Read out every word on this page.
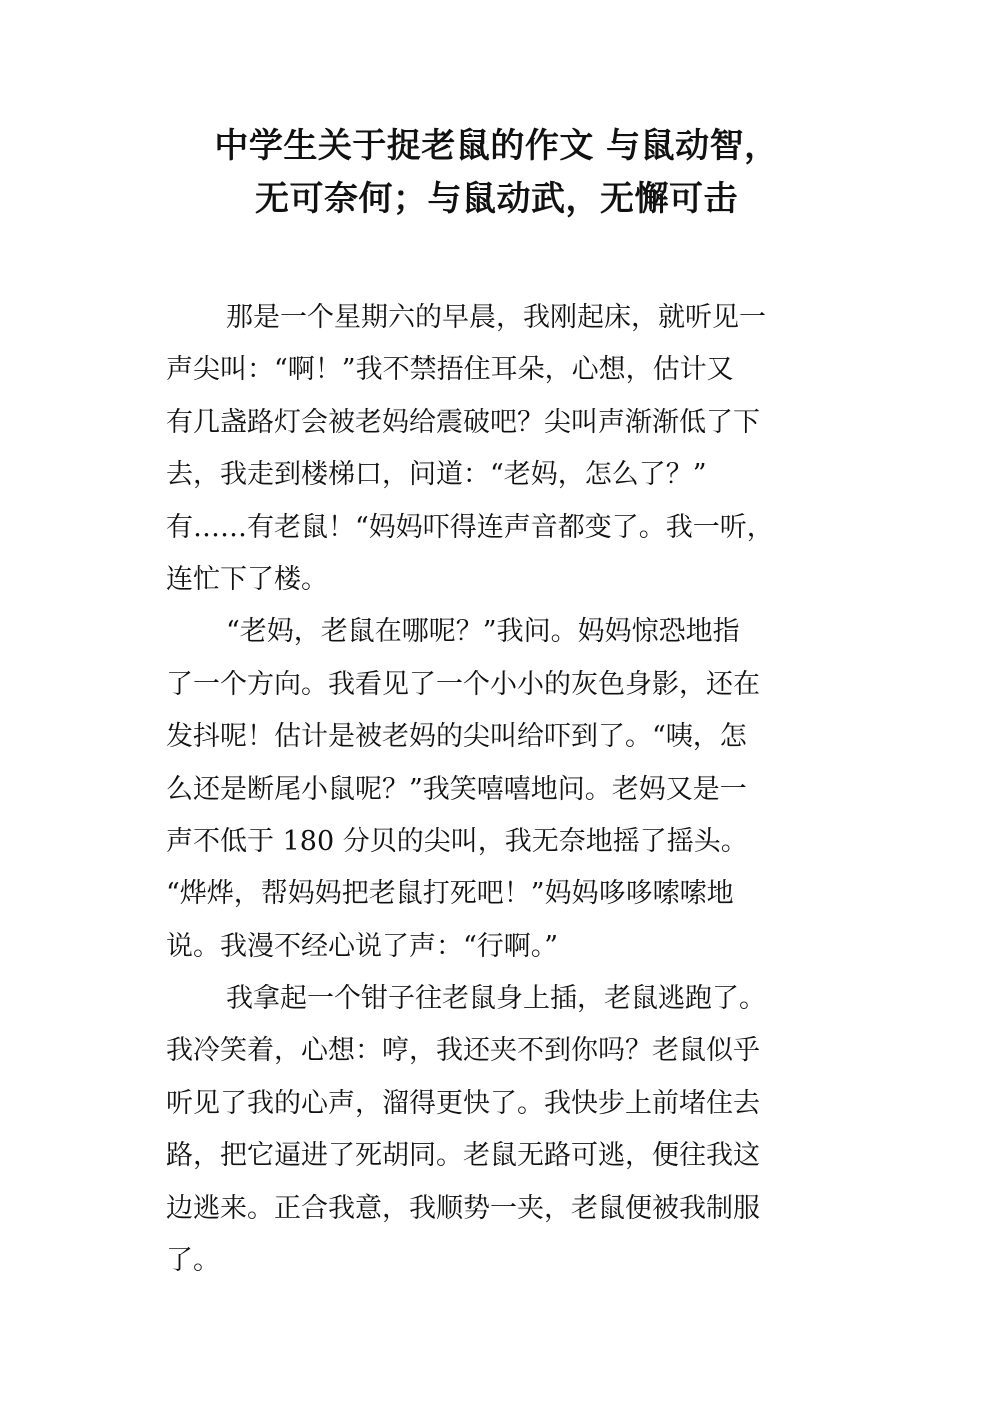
中学生关于捉老鼠的作文 与鼠动智，
无可奈何；与鼠动武，无懈可击
那是一个星期六的早晨，我刚起床，就听见一
声尖叫：“啊！”我不禁捂住耳朵，心想，估计又
有几盏路灯会被老妈给震破吧？尖叫声渐渐低了下
去，我走到楼梯口，问道：“老妈，怎么了？”
有……有老鼠！“妈妈吓得连声音都变了。我一听，
连忙下了楼。
“老妈，老鼠在哪呢？”我问。妈妈惊恐地指
了一个方向。我看见了一个小小的灰色身影，还在
发抖呢！估计是被老妈的尖叫给吓到了。“咦，怎
么还是断尾小鼠呢？”我笑嘻嘻地问。老妈又是一
声不低于 180 分贝的尖叫，我无奈地摇了摇头。
“烨烨，帮妈妈把老鼠打死吧！”妈妈哆哆嗦嗦地
说。我漫不经心说了声：“行啊。”
我拿起一个钳子往老鼠身上插，老鼠逃跑了。
我冷笑着，心想：哼，我还夹不到你吗？老鼠似乎
听见了我的心声，溜得更快了。我快步上前堵住去
路，把它逼进了死胡同。老鼠无路可逃，便往我这
边逃来。正合我意，我顺势一夹，老鼠便被我制服
了。
